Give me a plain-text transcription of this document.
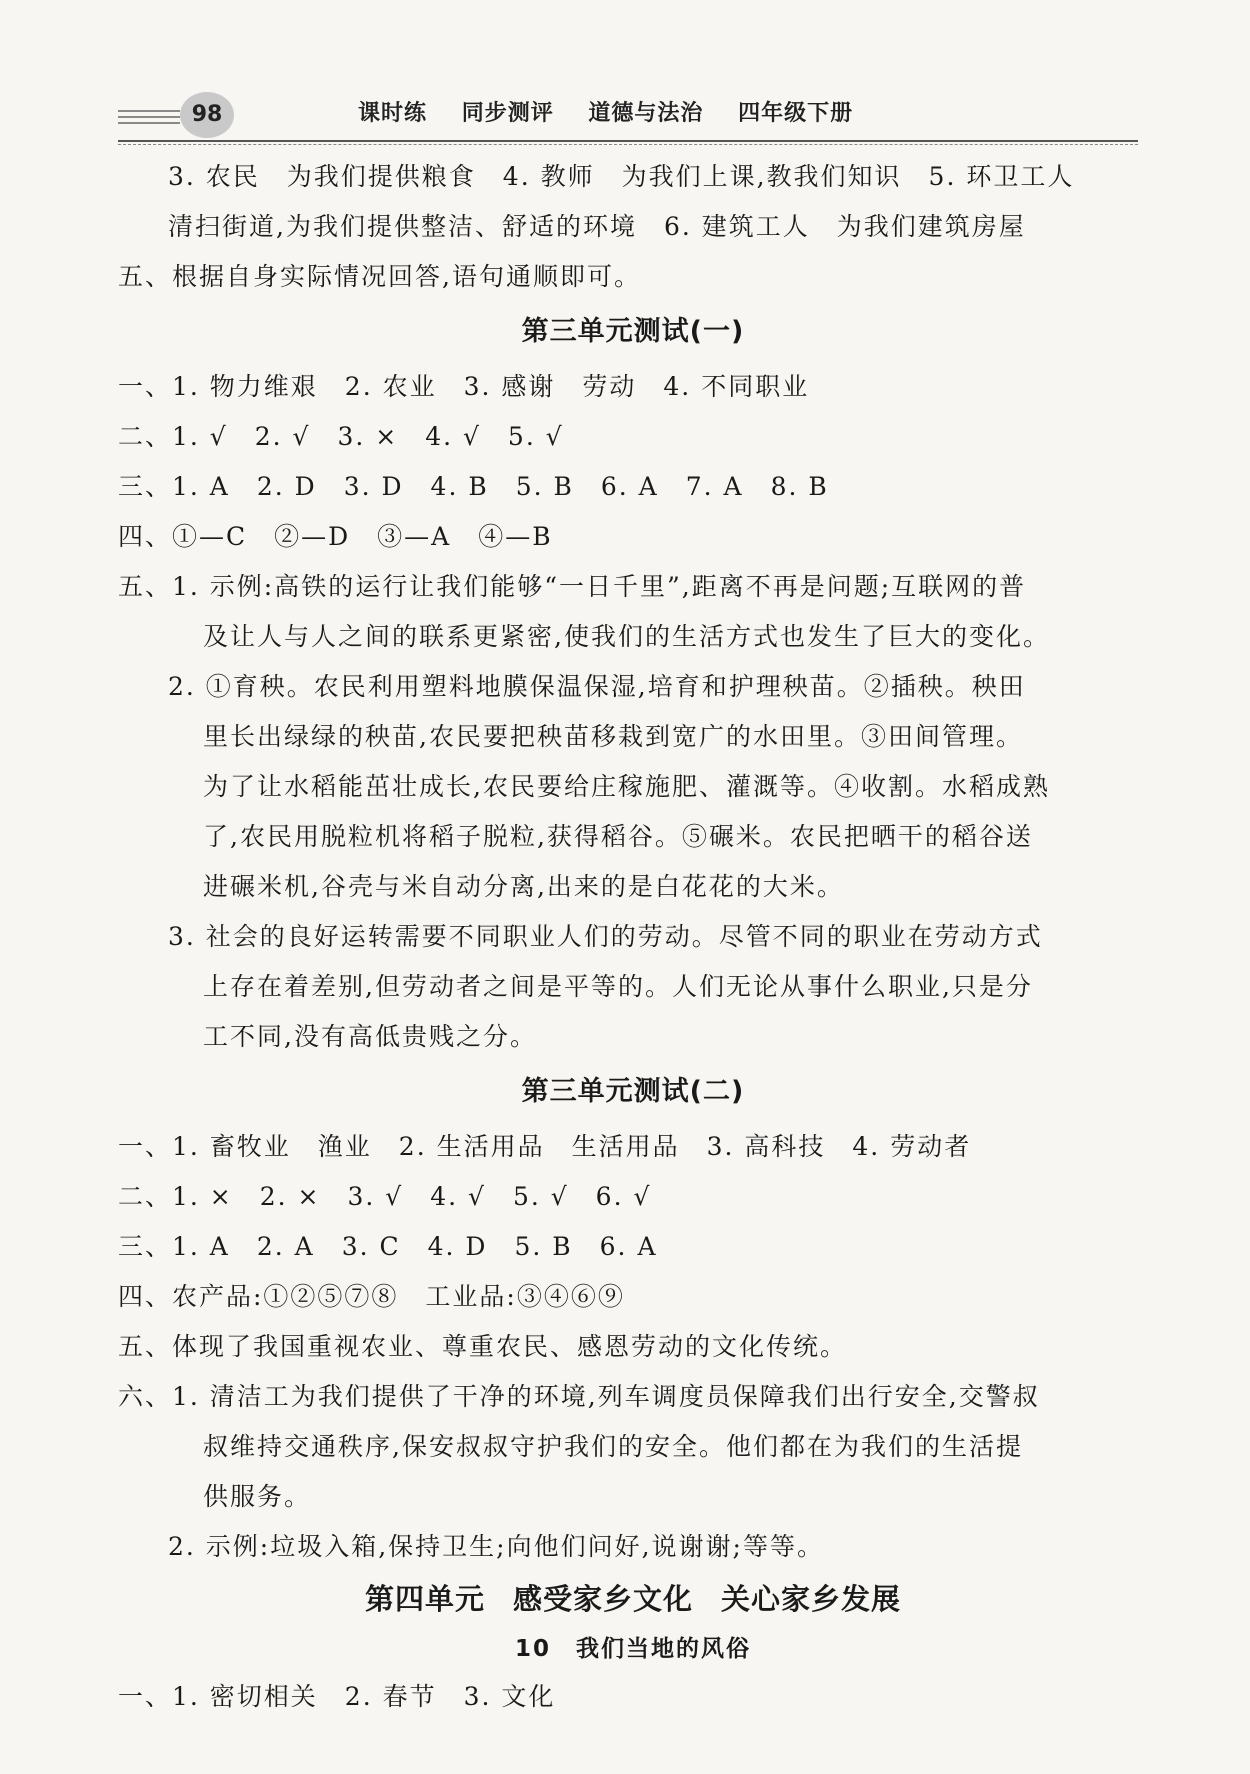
98	课时练 同步测评 道德与法治 四年级下册
3. 农民　为我们提供粮食　4. 教师　为我们上课,教我们知识　5. 环卫工人
清扫街道,为我们提供整洁、舒适的环境　6. 建筑工人　为我们建筑房屋
五、根据自身实际情况回答,语句通顺即可。
第三单元测试(一)
一、1. 物力维艰　2. 农业　3. 感谢　劳动　4. 不同职业
二、1. √　2. √　3. ×　4. √　5. √
三、1. A　2. D　3. D　4. B　5. B　6. A　7. A　8. B
四、①—C　②—D　③—A　④—B
五、1. 示例:高铁的运行让我们能够“一日千里”,距离不再是问题;互联网的普
及让人与人之间的联系更紧密,使我们的生活方式也发生了巨大的变化。
2. ①育秧。农民利用塑料地膜保温保湿,培育和护理秧苗。②插秧。秧田
里长出绿绿的秧苗,农民要把秧苗移栽到宽广的水田里。③田间管理。
为了让水稻能茁壮成长,农民要给庄稼施肥、灌溉等。④收割。水稻成熟
了,农民用脱粒机将稻子脱粒,获得稻谷。⑤碾米。农民把晒干的稻谷送
进碾米机,谷壳与米自动分离,出来的是白花花的大米。
3. 社会的良好运转需要不同职业人们的劳动。尽管不同的职业在劳动方式
上存在着差别,但劳动者之间是平等的。人们无论从事什么职业,只是分
工不同,没有高低贵贱之分。
第三单元测试(二)
一、1. 畜牧业　渔业　2. 生活用品　生活用品　3. 高科技　4. 劳动者
二、1. ×　2. ×　3. √　4. √　5. √　6. √
三、1. A　2. A　3. C　4. D　5. B　6. A
四、农产品:①②⑤⑦⑧　工业品:③④⑥⑨
五、体现了我国重视农业、尊重农民、感恩劳动的文化传统。
六、1. 清洁工为我们提供了干净的环境,列车调度员保障我们出行安全,交警叔
叔维持交通秩序,保安叔叔守护我们的安全。他们都在为我们的生活提
供服务。
2. 示例:垃圾入箱,保持卫生;向他们问好,说谢谢;等等。
第四单元 感受家乡文化 关心家乡发展
10　我们当地的风俗
一、1. 密切相关　2. 春节　3. 文化
